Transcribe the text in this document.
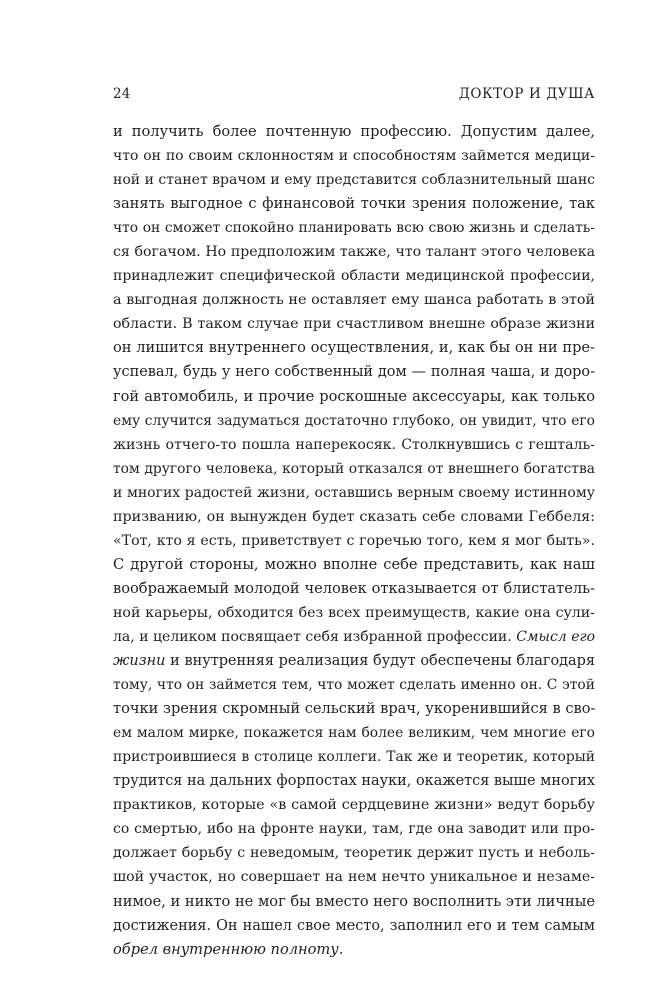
24	ДОКТОР И ДУША
и получить более почтенную профессию. Допустим далее,
что он по своим склонностям и способностям займется медици-
ной и станет врачом и ему представится соблазнительный шанс
занять выгодное с финансовой точки зрения положение, так
что он сможет спокойно планировать всю свою жизнь и сделать-
ся богачом. Но предположим также, что талант этого человека
принадлежит специфической области медицинской профессии,
а выгодная должность не оставляет ему шанса работать в этой
области. В таком случае при счастливом внешне образе жизни
он лишится внутреннего осуществления, и, как бы он ни пре-
успевал, будь у него собственный дом — полная чаша, и доро-
гой автомобиль, и прочие роскошные аксессуары, как только
ему случится задуматься достаточно глубоко, он увидит, что его
жизнь отчего-то пошла наперекосяк. Столкнувшись с гешталь-
том другого человека, который отказался от внешнего богатства
и многих радостей жизни, оставшись верным своему истинному
призванию, он вынужден будет сказать себе словами Геббеля:
«Тот, кто я есть, приветствует с горечью того, кем я мог быть».
С другой стороны, можно вполне себе представить, как наш
воображаемый молодой человек отказывается от блистатель-
ной карьеры, обходится без всех преимуществ, какие она сули-
ла, и целиком посвящает себя избранной профессии. Смысл его
жизни и внутренняя реализация будут обеспечены благодаря
тому, что он займется тем, что может сделать именно он. С этой
точки зрения скромный сельский врач, укоренившийся в сво-
ем малом мирке, покажется нам более великим, чем многие его
пристроившиеся в столице коллеги. Так же и теоретик, который
трудится на дальних форпостах науки, окажется выше многих
практиков, которые «в самой сердцевине жизни» ведут борьбу
со смертью, ибо на фронте науки, там, где она заводит или про-
должает борьбу с неведомым, теоретик держит пусть и неболь-
шой участок, но совершает на нем нечто уникальное и незаме-
нимое, и никто не мог бы вместо него восполнить эти личные
достижения. Он нашел свое место, заполнил его и тем самым
обрел внутреннюю полноту.
